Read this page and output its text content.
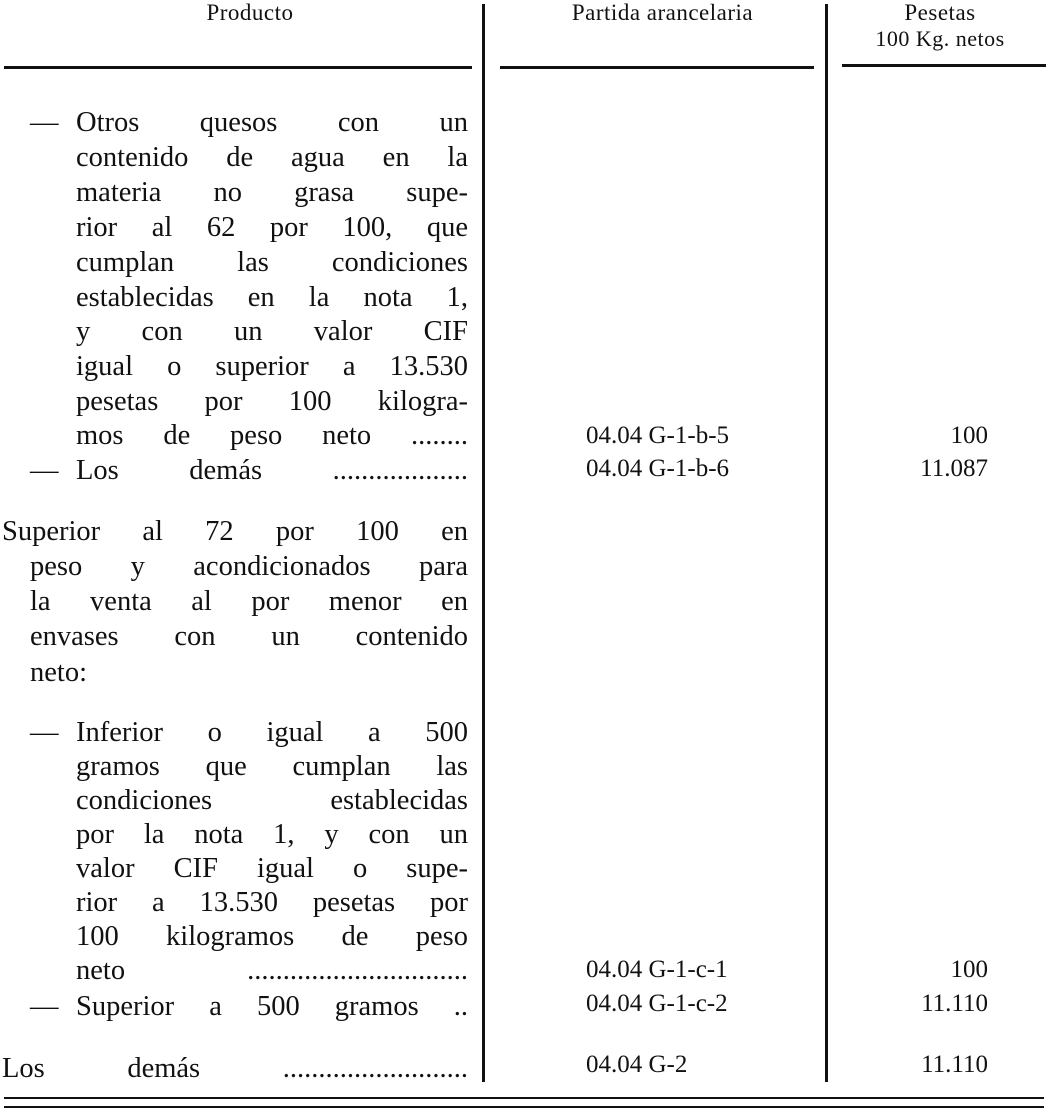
Producto	Partida arancelaria	Pesetas
100 Kg. netos
— Otros quesos con un
contenido de agua en la
materia no grasa supe-
rior al 62 por 100, que
cumplan las condiciones
establecidas en la nota 1,
y con un valor CIF
igual o superior a 13.530
pesetas por 100 kilogra-
mos de peso neto ........	04.04 G-1-b-5	100
— Los demás ...................	04.04 G-1-b-6	11.087
Superior al 72 por 100 en
peso y acondicionados para
la venta al por menor en
envases con un contenido
neto:
— Inferior o igual a 500
gramos que cumplan las
condiciones establecidas
por la nota 1, y con un
valor CIF igual o supe-
rior a 13.530 pesetas por
100 kilogramos de peso
neto ...............................	04.04 G-1-c-1	100
— Superior a 500 gramos ..	04.04 G-1-c-2	11.110
Los demás ..........................	04.04 G-2	11.110
